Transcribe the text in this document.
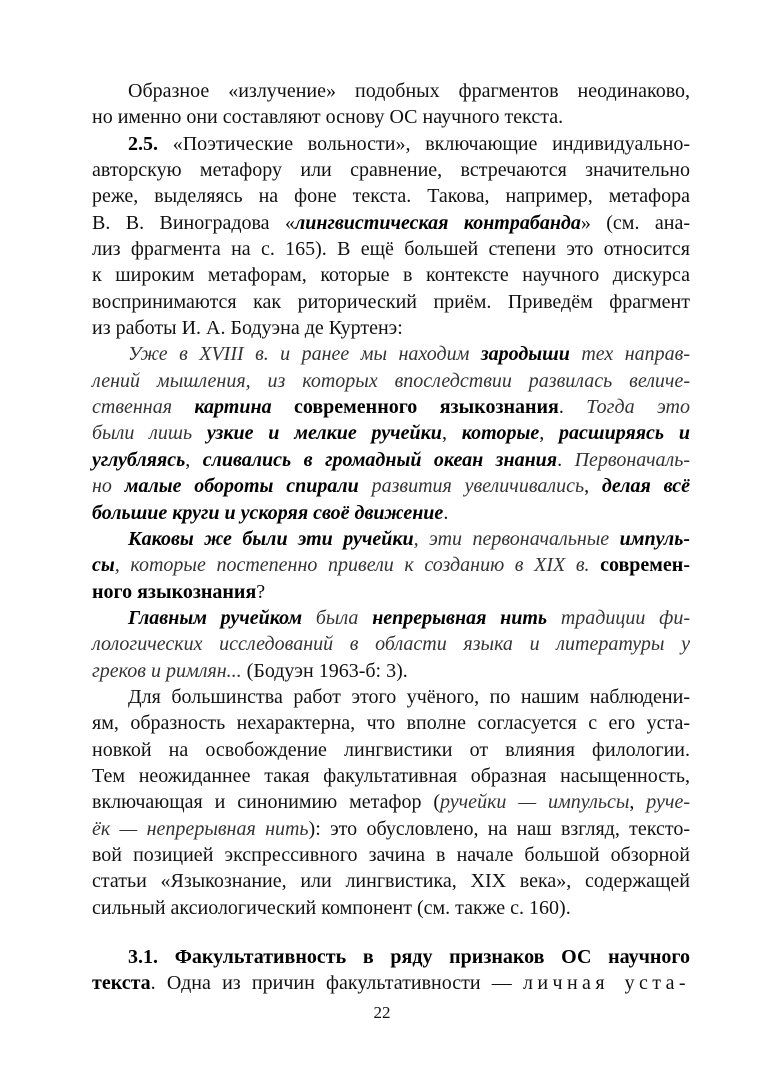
Образное «излучение» подобных фрагментов неодинаково,
но именно они составляют основу ОС научного текста.
2.5. «Поэтические вольности», включающие индивидуально-
авторскую метафору или сравнение, встречаются значительно
реже, выделяясь на фоне текста. Такова, например, метафора
В. В. Виноградова «лингвистическая контрабанда» (см. ана-
лиз фрагмента на с. 165). В ещё большей степени это относится
к широким метафорам, которые в контексте научного дискурса
воспринимаются как риторический приём. Приведём фрагмент
из работы И. А. Бодуэна де Куртенэ:
Уже в XVIII в. и ранее мы находим зародыши тех направ-
лений мышления, из которых впоследствии развилась величе-
ственная картина современного языкознания. Тогда это
были лишь узкие и мелкие ручейки, которые, расширяясь и
углубляясь, сливались в громадный океан знания. Первоначаль-
но малые обороты спирали развития увеличивались, делая всё
большие круги и ускоряя своё движение.
Каковы же были эти ручейки, эти первоначальные импуль-
сы, которые постепенно привели к созданию в XIX в. современ-
ного языкознания?
Главным ручейком была непрерывная нить традиции фи-
лологических исследований в области языка и литературы у
греков и римлян... (Бодуэн 1963-б: 3).
Для большинства работ этого учёного, по нашим наблюдени-
ям, образность нехарактерна, что вполне согласуется с его уста-
новкой на освобождение лингвистики от влияния филологии.
Тем неожиданнее такая факультативная образная насыщенность,
включающая и синонимию метафор (ручейки — импульсы, руче-
ёк — непрерывная нить): это обусловлено, на наш взгляд, тексто-
вой позицией экспрессивного зачина в начале большой обзорной
статьи «Языкознание, или лингвистика, XIX века», содержащей
сильный аксиологический компонент (см. также с. 160).
3.1. Факультативность в ряду признаков ОС научного
текста. Одна из причин факультативности — личная уста-
22
